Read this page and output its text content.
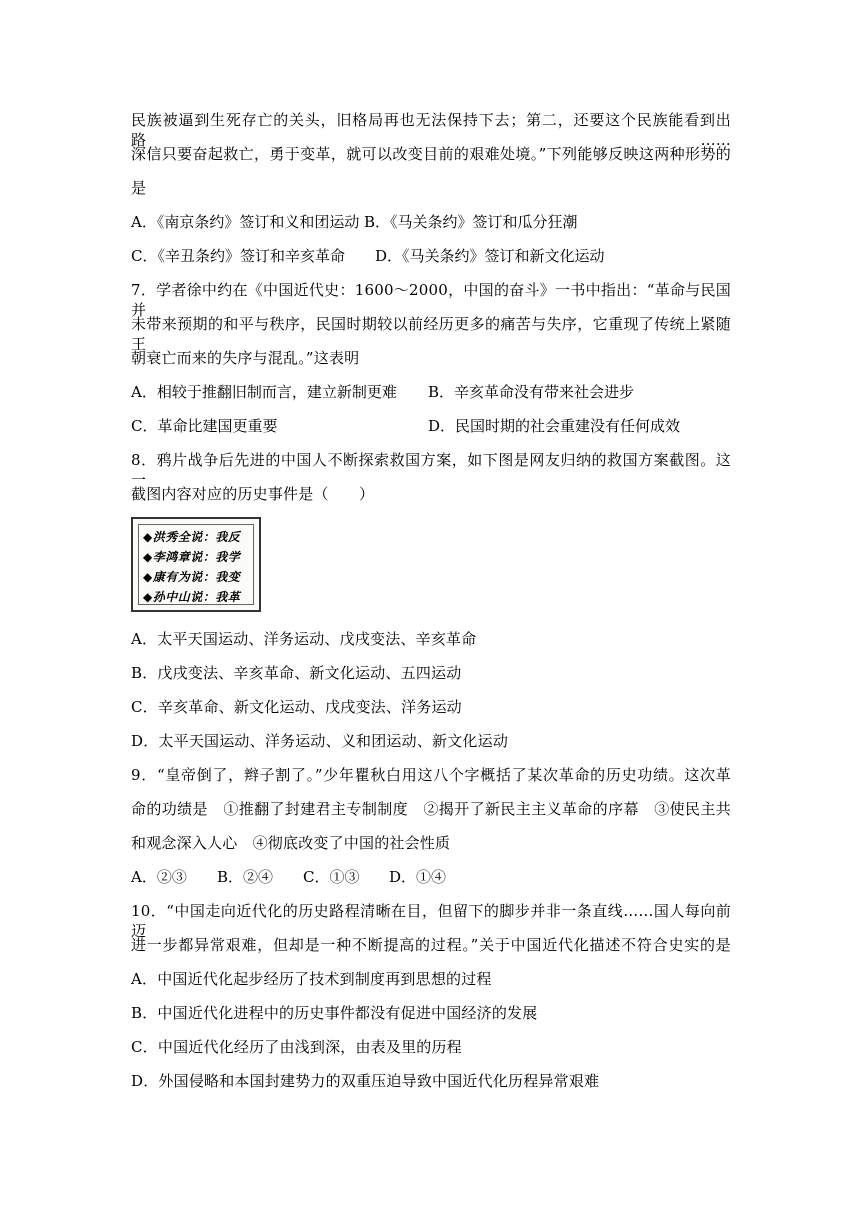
民族被逼到生死存亡的关头，旧格局再也无法保持下去；第二，还要这个民族能看到出路……
深信只要奋起救亡，勇于变革，就可以改变目前的艰难处境。”下列能够反映这两种形势的
是
A．《南京条约》签订和义和团运动 B．《马关条约》签订和瓜分狂潮
C．《辛丑条约》签订和辛亥革命 D．《马关条约》签订和新文化运动
7．学者徐中约在《中国近代史：1600～2000，中国的奋斗》一书中指出：“革命与民国并
未带来预期的和平与秩序，民国时期较以前经历更多的痛苦与失序，它重现了传统上紧随王
朝衰亡而来的失序与混乱。”这表明
A．相较于推翻旧制而言，建立新制更难 B．辛亥革命没有带来社会进步
C．革命比建国更重要	D．民国时期的社会重建没有任何成效
8．鸦片战争后先进的中国人不断探索救国方案，如下图是网友归纳的救国方案截图。这一
截图内容对应的历史事件是（　　）
◆洪秀全说：我反
◆李鸿章说：我学
◆康有为说：我变
◆孙中山说：我革
A．太平天国运动、洋务运动、戊戌变法、辛亥革命
B．戊戌变法、辛亥革命、新文化运动、五四运动
C．辛亥革命、新文化运动、戊戌变法、洋务运动
D．太平天国运动、洋务运动、义和团运动、新文化运动
9．“皇帝倒了，辫子割了。”少年瞿秋白用这八个字概括了某次革命的历史功绩。这次革
命的功绩是　①推翻了封建君主专制制度　②揭开了新民主主义革命的序幕　③使民主共
和观念深入人心　④彻底改变了中国的社会性质
A．②③ B．②④ C．①③ D．①④
10．“中国走向近代化的历史路程清晰在目，但留下的脚步并非一条直线……国人每向前迈
进一步都异常艰难，但却是一种不断提高的过程。”关于中国近代化描述不符合史实的是
A．中国近代化起步经历了技术到制度再到思想的过程
B．中国近代化进程中的历史事件都没有促进中国经济的发展
C．中国近代化经历了由浅到深，由表及里的历程
D．外国侵略和本国封建势力的双重压迫导致中国近代化历程异常艰难
